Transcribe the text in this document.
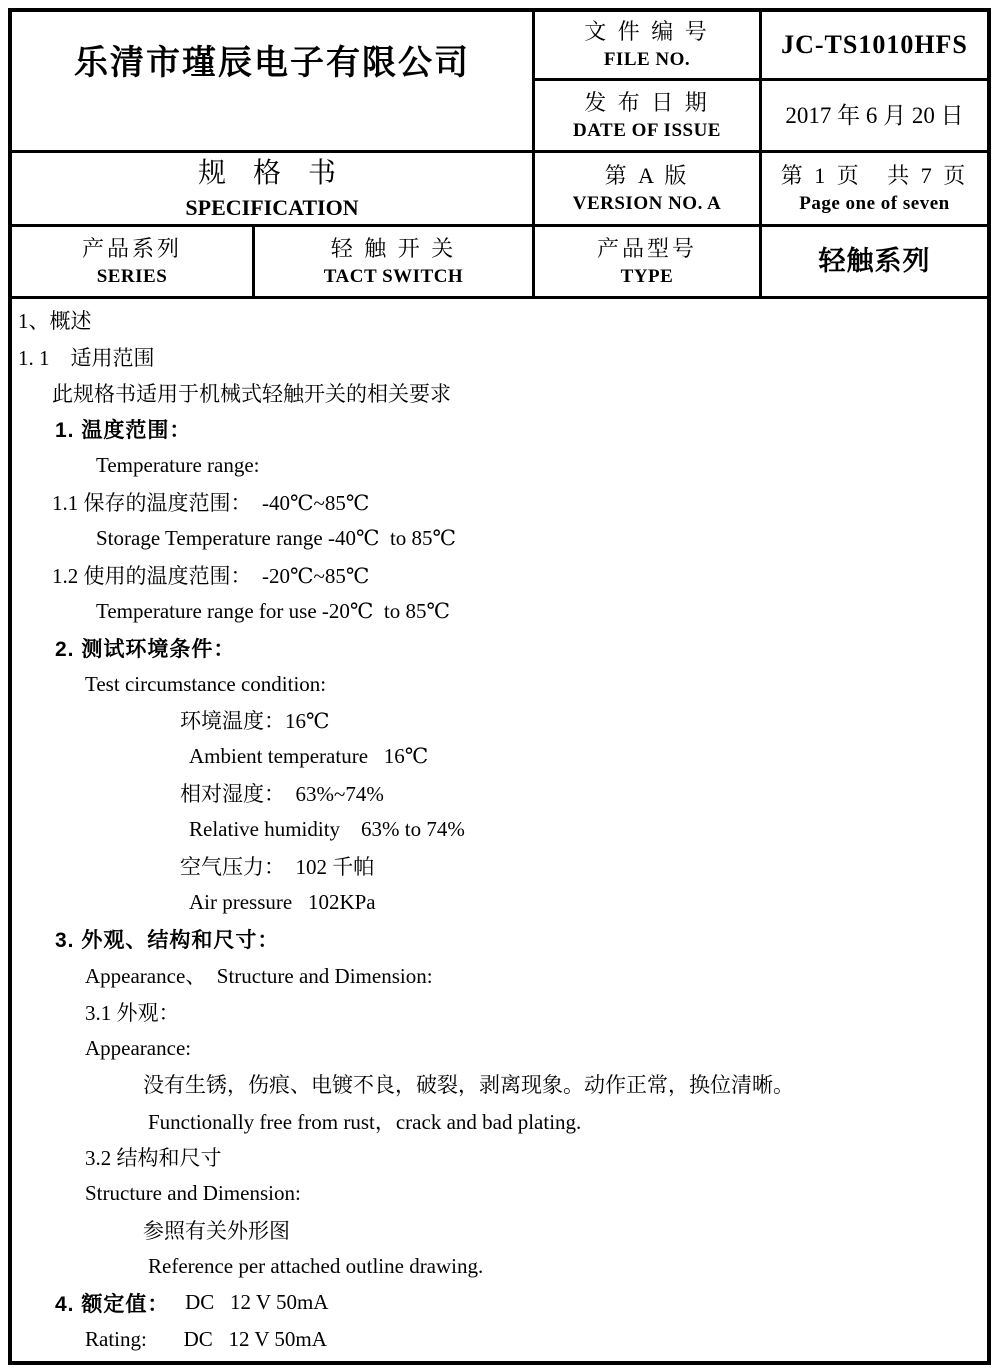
乐清市瑾辰电子有限公司
文 件 编 号
FILE NO.
JC-TS1010HFS
发 布 日 期
DATE OF ISSUE
2017 年 6 月 20 日
规 格 书
SPECIFICATION
第 A 版
VERSION NO. A
第 1 页   共 7 页
Page one of seven
产品系列
SERIES
轻 触 开 关
TACT SWITCH
产品型号
TYPE	轻触系列
1、概述
1. 1    适用范围
此规格书适用于机械式轻触开关的相关要求
1. 温度范围：
Temperature range:
1.1 保存的温度范围：  -40℃~85℃
Storage Temperature range -40℃  to 85℃
1.2 使用的温度范围：  -20℃~85℃
Temperature range for use -20℃  to 85℃
2. 测试环境条件：
Test circumstance condition:
环境温度：16℃
Ambient temperature   16℃
相对湿度：  63%~74%
Relative humidity    63% to 74%
空气压力：  102 千帕
Air pressure   102KPa
3. 外观、结构和尺寸：
Appearance、  Structure and Dimension:
3.1 外观：
Appearance:
没有生锈，伤痕、电镀不良，破裂，剥离现象。动作正常，换位清晰。
Functionally free from rust，crack and bad plating.
3.2 结构和尺寸
Structure and Dimension:
参照有关外形图
Reference per attached outline drawing.
4. 额定值： DC   12 V 50mA
Rating:       DC   12 V 50mA
